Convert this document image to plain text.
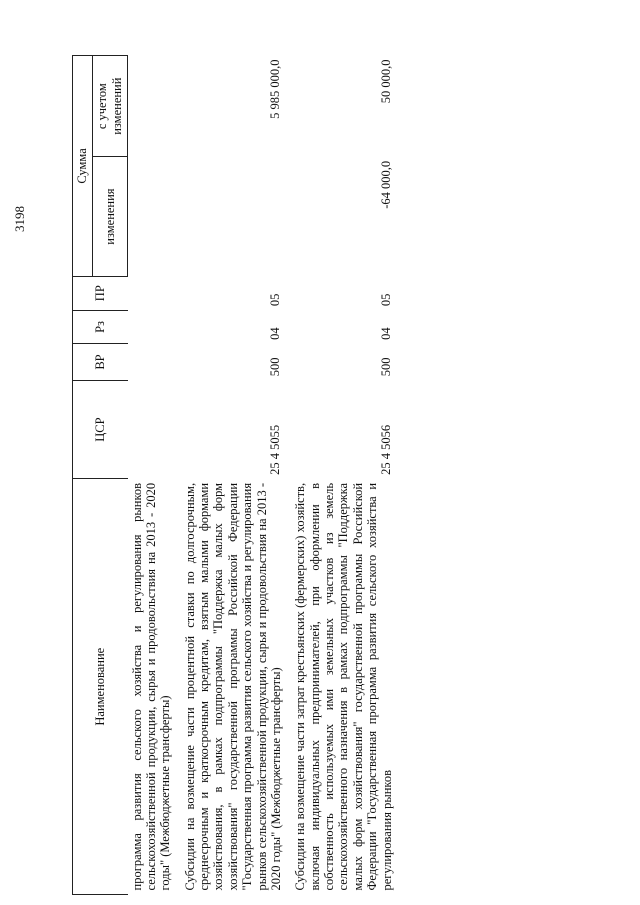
3198
Наименование	ЦСР	ВР	Рз	ПР	Сумма	
					изменения	с учетом изменений
программа развития сельского хозяйства и регулирования рынков сельскохозяйственной продукции, сырья и продовольствия на 2013 - 2020 годы" (Межбюджетные трансферты)						
Субсидии на возмещение части процентной ставки по долгосрочным, среднесрочным и краткосрочным кредитам, взятым малыми формами хозяйствования, в рамках подпрограммы "Поддержка малых форм хозяйствования" государственной программы Российской Федерации "Государственная программа развития сельского хозяйства и регулирования рынков сельскохозяйственной продукции, сырья и продовольствия на 2013 - 2020 годы" (Межбюджетные трансферты)	25 4 5055	500	04	05		5 985 000,0
Субсидии на возмещение части затрат крестьянских (фермерских) хозяйств, включая индивидуальных предпринимателей, при оформлении в собственность используемых ими земельных участков из земель сельскохозяйственного назначения в рамках подпрограммы "Поддержка малых форм хозяйствования" государственной программы Российской Федерации "Государственная программа развития сельского хозяйства и регулирования рынков	25 4 5056	500	04	05	-64 000,0	50 000,0
